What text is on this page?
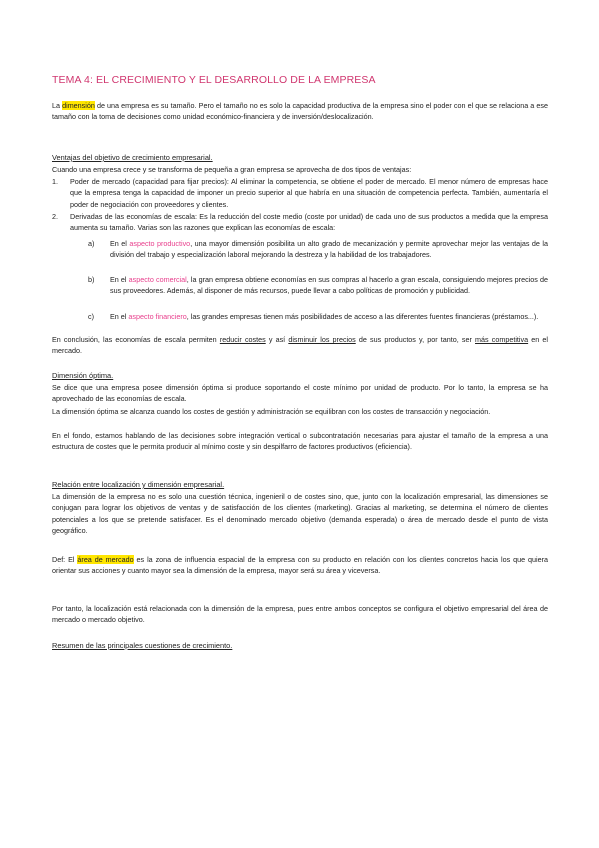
TEMA 4: EL CRECIMIENTO Y EL DESARROLLO DE LA EMPRESA
La dimensión de una empresa es su tamaño. Pero el tamaño no es solo la capacidad productiva de la empresa sino el poder con el que se relaciona a ese tamaño con la toma de decisiones como unidad económico-financiera y de inversión/deslocalización.
Ventajas del objetivo de crecimiento empresarial.
Cuando una empresa crece y se transforma de pequeña a gran empresa se aprovecha de dos tipos de ventajas:
1. Poder de mercado (capacidad para fijar precios): Al eliminar la competencia, se obtiene el poder de mercado. El menor número de empresas hace que la empresa tenga la capacidad de imponer un precio superior al que habría en una situación de competencia perfecta. También, aumentaría el poder de negociación con proveedores y clientes.
2. Derivadas de las economías de escala: Es la reducción del coste medio (coste por unidad) de cada uno de sus productos a medida que la empresa aumenta su tamaño. Varias son las razones que explican las economías de escala:
a) En el aspecto productivo, una mayor dimensión posibilita un alto grado de mecanización y permite aprovechar mejor las ventajas de la división del trabajo y especialización laboral mejorando la destreza y la habilidad de los trabajadores.
b) En el aspecto comercial, la gran empresa obtiene economías en sus compras al hacerlo a gran escala, consiguiendo mejores precios de sus proveedores. Además, al disponer de más recursos, puede llevar a cabo políticas de promoción y publicidad.
c) En el aspecto financiero, las grandes empresas tienen más posibilidades de acceso a las diferentes fuentes financieras (préstamos...).
En conclusión, las economías de escala permiten reducir costes y así disminuir los precios de sus productos y, por tanto, ser más competitiva en el mercado.
Dimensión óptima.
Se dice que una empresa posee dimensión óptima si produce soportando el coste mínimo por unidad de producto. Por lo tanto, la empresa se ha aprovechado de las economías de escala.
La dimensión óptima se alcanza cuando los costes de gestión y administración se equilibran con los costes de transacción y negociación.
En el fondo, estamos hablando de las decisiones sobre integración vertical o subcontratación necesarias para ajustar el tamaño de la empresa a una estructura de costes que le permita producir al mínimo coste y sin despilfarro de factores productivos (eficiencia).
Relación entre localización y dimensión empresarial.
La dimensión de la empresa no es solo una cuestión técnica, ingenieril o de costes sino, que, junto con la localización empresarial, las dimensiones se conjugan para lograr los objetivos de ventas y de satisfacción de los clientes (marketing). Gracias al marketing, se determina el número de clientes potenciales a los que se pretende satisfacer. Es el denominado mercado objetivo (demanda esperada) o área de mercado desde el punto de vista geográfico.
Def: El área de mercado es la zona de influencia espacial de la empresa con su producto en relación con los clientes concretos hacia los que quiera orientar sus acciones y cuanto mayor sea la dimensión de la empresa, mayor será su área y viceversa.
Por tanto, la localización está relacionada con la dimensión de la empresa, pues entre ambos conceptos se configura el objetivo empresarial del área de mercado o mercado objetivo.
Resumen de las principales cuestiones de crecimiento.
